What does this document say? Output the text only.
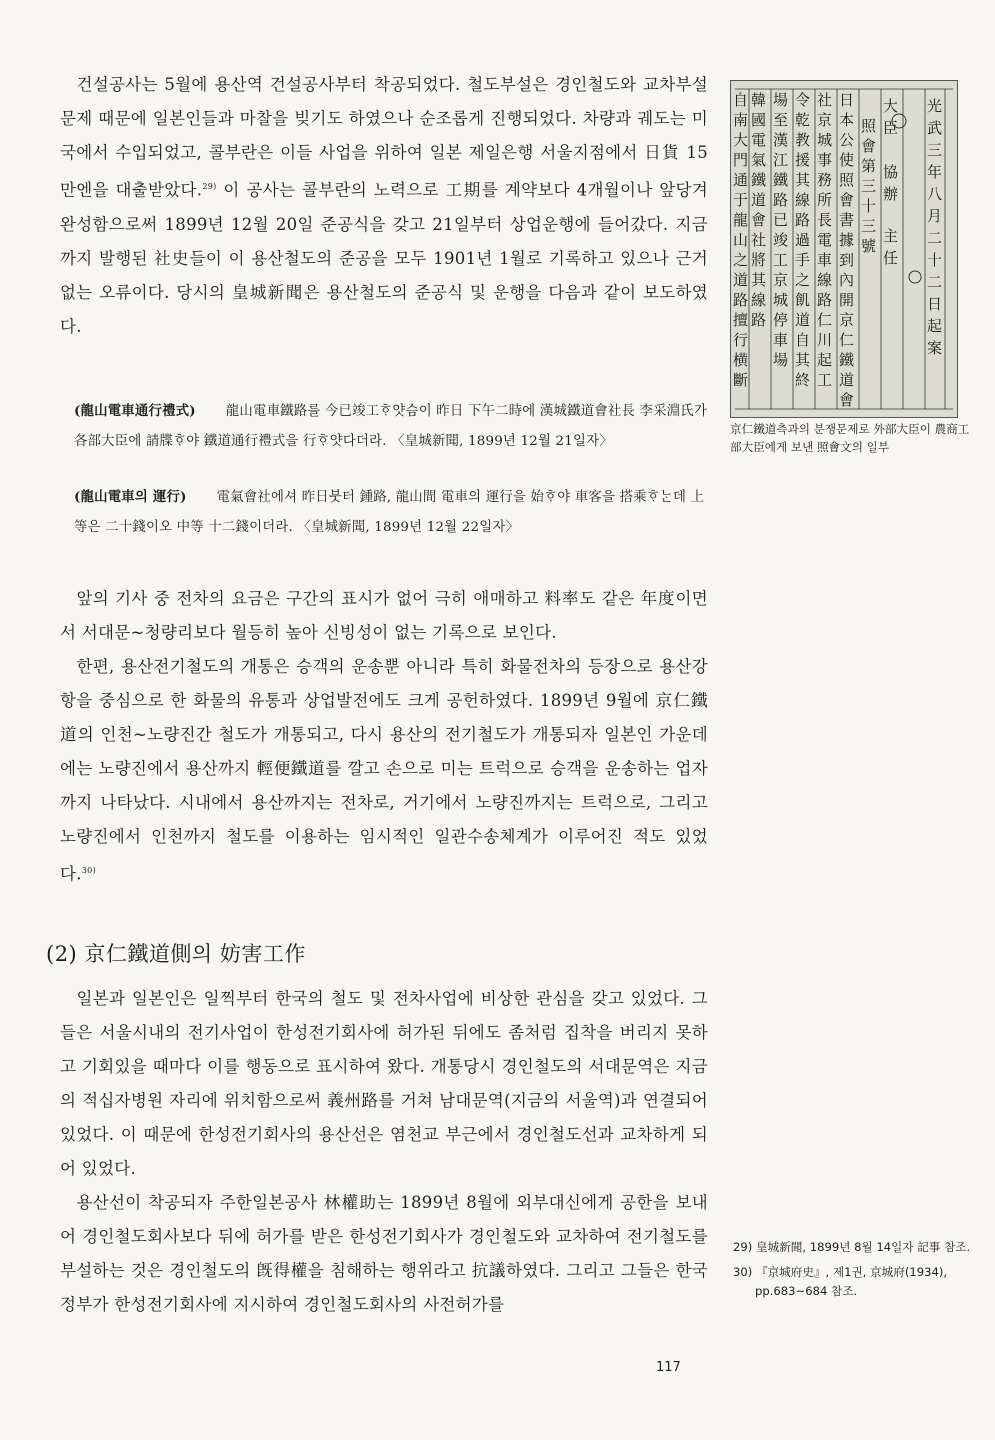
건설공사는 5월에 용산역 건설공사부터 착공되었다. 철도부설은 경인철도와 교차부설문제 때문에 일본인들과 마찰을 빚기도 하였으나 순조롭게 진행되었다. 차량과 궤도는 미국에서 수입되었고, 콜부란은 이들 사업을 위하여 일본 제일은행 서울지점에서 日貨 15만엔을 대출받았다.$^{29)}$ 이 공사는 콜부란의 노력으로 工期를 계약보다 4개월이나 앞당겨 완성함으로써 1899년 12월 20일 준공식을 갖고 21일부터 상업운행에 들어갔다. 지금까지 발행된 社史들이 이 용산철도의 준공을 모두 1901년 1월로 기록하고 있으나 근거없는 오류이다. 당시의 皇城新聞은 용산철도의 준공식 및 운행을 다음과 같이 보도하였다.

(龍山電車通行禮式) 龍山電車鐵路를 今已竣工ᄒᆞ얏슴이 昨日 下午二時에 漢城鐵道會社長 李采淵氏가 各部大臣에 請牒ᄒᆞ야 鐵道通行禮式을 行ᄒᆞ얏다더라. 〈皇城新聞, 1899년 12월 21일자〉

(龍山電車의 運行) 電氣會社에셔 昨日붓터 鍾路, 龍山間 電車의 運行을 始ᄒᆞ야 車客을 搭乘ᄒᆞᄂᆞᆫ데 上等은 二十錢이오 中等 十二錢이더라. 〈皇城新聞, 1899년 12월 22일자〉

앞의 기사 중 전차의 요금은 구간의 표시가 없어 극히 애매하고 料率도 같은 年度이면서 서대문~청량리보다 월등히 높아 신빙성이 없는 기록으로 보인다.

한편, 용산전기철도의 개통은 승객의 운송뿐 아니라 특히 화물전차의 등장으로 용산강항을 중심으로 한 화물의 유통과 상업발전에도 크게 공헌하였다. 1899년 9월에 京仁鐵道의 인천~노량진간 철도가 개통되고, 다시 용산의 전기철도가 개통되자 일본인 가운데에는 노량진에서 용산까지 輕便鐵道를 깔고 손으로 미는 트럭으로 승객을 운송하는 업자까지 나타났다. 시내에서 용산까지는 전차로, 거기에서 노량진까지는 트럭으로, 그리고 노량진에서 인천까지 철도를 이용하는 임시적인 일관수송체계가 이루어진 적도 있었다.$^{30)}$

(2) 京仁鐵道側의 妨害工作

일본과 일본인은 일찍부터 한국의 철도 및 전차사업에 비상한 관심을 갖고 있었다. 그들은 서울시내의 전기사업이 한성전기회사에 허가된 뒤에도 좀처럼 집착을 버리지 못하고 기회있을 때마다 이를 행동으로 표시하여 왔다. 개통당시 경인철도의 서대문역은 지금의 적십자병원 자리에 위치함으로써 義州路를 거쳐 남대문역(지금의 서울역)과 연결되어 있었다. 이 때문에 한성전기회사의 용산선은 염천교 부근에서 경인철도선과 교차하게 되어 있었다.

용산선이 착공되자 주한일본공사 林權助는 1899년 8월에 외부대신에게 공한을 보내어 경인철도회사보다 뒤에 허가를 받은 한성전기회사가 경인철도와 교차하여 전기철도를 부설하는 것은 경인철도의 旣得權을 침해하는 행위라고 抗議하였다. 그리고 그들은 한국정부가 한성전기회사에 지시하여 경인철도회사의 사전허가를

光
武
三
年
八
月
二
十
二
日
起
案
大
臣
協
辦
主
任
照
會
第
三
十
三
號
日
本
公
使
照
會
書
據
到
內
開
京
仁
鐵
道
會
社
京
城
事
務
所
長
電
車
線
路
仁
川
起
工
令
乾
教
援
其
線
路
過
手
之
飢
道
自
其
終
場
至
漢
江
鐵
路
已
竣
工
京
城
停
車
場
韓
國
電
氣
鐵
道
會
社
將
其
線
路
自
南
大
門
通
于
龍
山
之
道
路
擅
行
横
斷

京仁鐵道측과의 분쟁문제로 外部大臣이 農商工部大臣에게 보낸 照會文의 일부

29) 皇城新聞, 1899년 8월 14일자 記事 참조.

30) 『京城府史』, 제1권, 京城府(1934), pp.683~684 참조.

117
